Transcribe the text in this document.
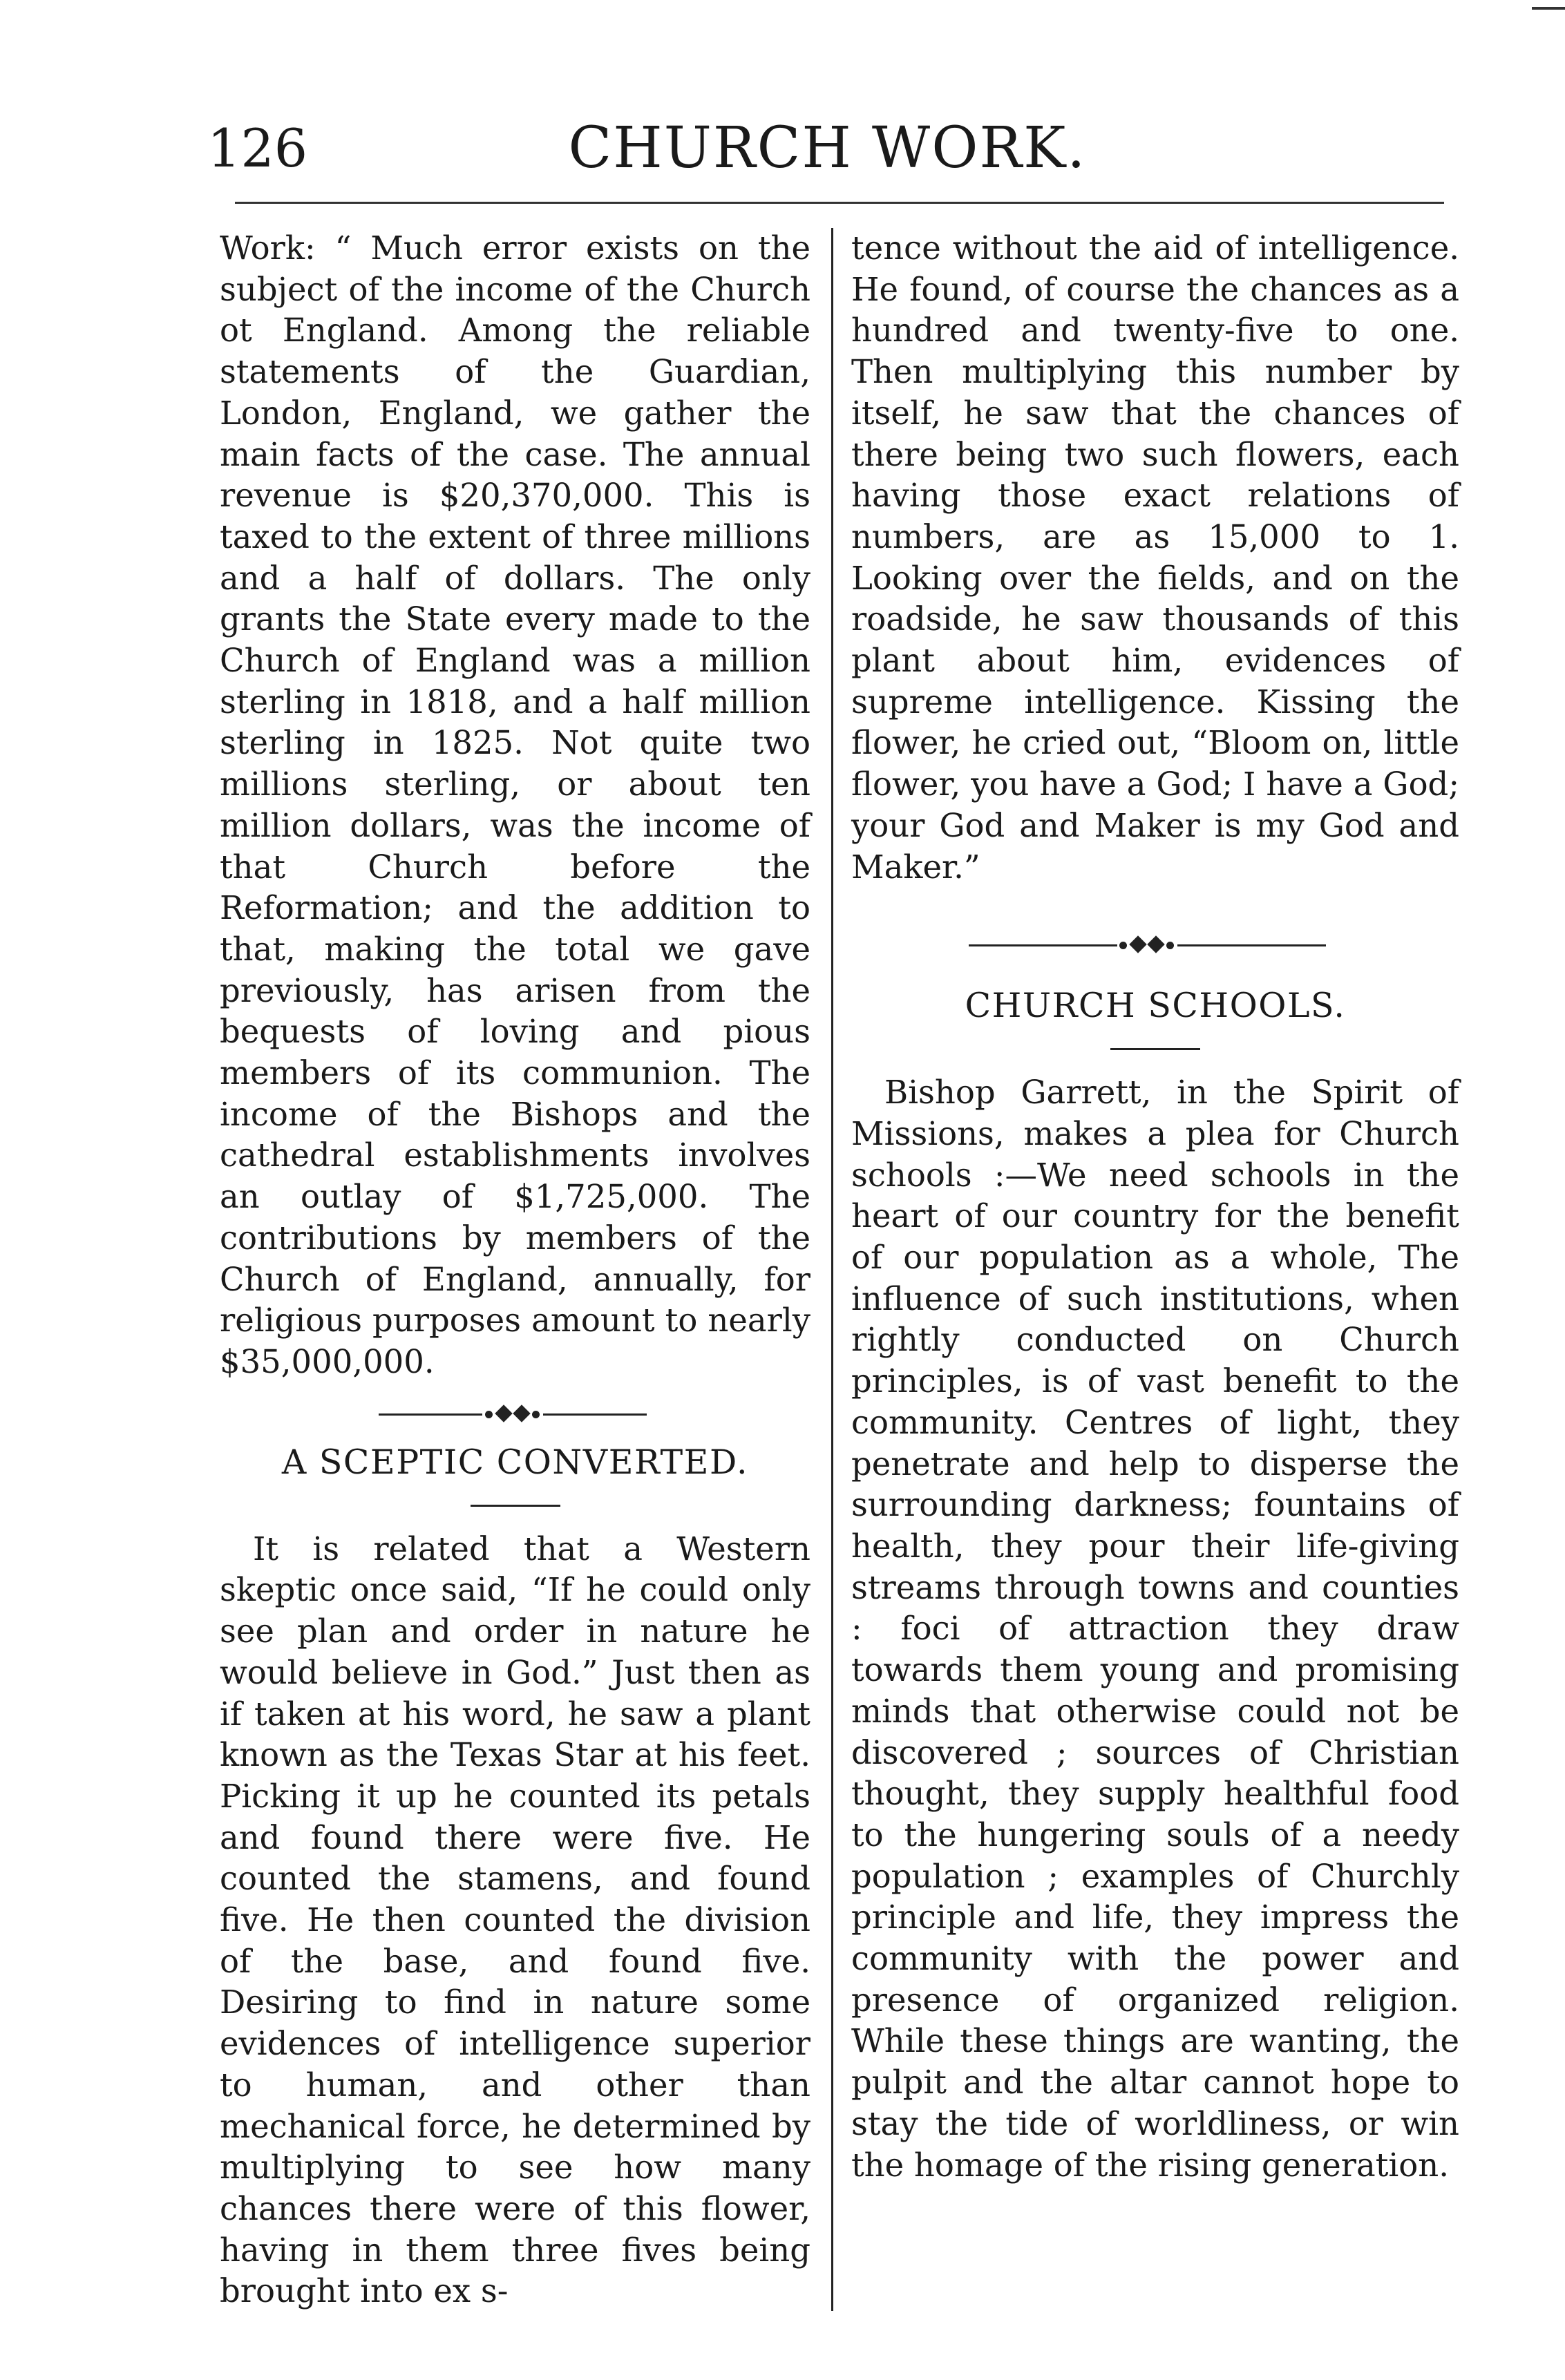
126	CHURCH WORK.

Work: “ Much error exists on the subject of the income of the Church ot England. Among the reliable statements of the Guardian, London, England, we gather the main facts of the case. The annual revenue is $20,370,000. This is taxed to the extent of three millions and a half of dollars. The only grants the State every made to the Church of England was a million sterling in 1818, and a half million sterling in 1825. Not quite two millions sterling, or about ten million dollars, was the income of that Church before the Reformation; and the addition to that, making the total we gave previously, has arisen from the bequests of loving and pious members of its communion. The income of the Bishops and the cathedral establishments involves an outlay of $1,725,000. The contributions by members of the Church of England, annually, for religious purposes amount to nearly $35,000,000.

A SCEPTIC CONVERTED.

It is related that a Western skeptic once said, “If he could only see plan and order in nature he would believe in God.” Just then as if taken at his word, he saw a plant known as the Texas Star at his feet. Picking it up he counted its petals and found there were five. He counted the stamens, and found five. He then counted the division of the base, and found five. Desiring to find in nature some evidences of intelligence superior to human, and other than mechanical force, he determined by multiplying to see how many chances there were of this flower, having in them three fives being brought into ex s-

tence without the aid of intelligence. He found, of course the chances as a hundred and twenty-five to one. Then multiplying this number by itself, he saw that the chances of there being two such flowers, each having those exact relations of numbers, are as 15,000 to 1. Looking over the fields, and on the roadside, he saw thousands of this plant about him, evidences of supreme intelligence. Kissing the flower, he cried out, “Bloom on, little flower, you have a God; I have a God; your God and Maker is my God and Maker.”

CHURCH SCHOOLS.

Bishop Garrett, in the Spirit of Missions, makes a plea for Church schools :—We need schools in the heart of our country for the benefit of our population as a whole, The influence of such institutions, when rightly conducted on Church principles, is of vast benefit to the community. Centres of light, they penetrate and help to disperse the surrounding darkness; fountains of health, they pour their life-giving streams through towns and counties : foci of attraction they draw towards them young and promising minds that otherwise could not be discovered ; sources of Christian thought, they supply healthful food to the hungering souls of a needy population ; examples of Churchly principle and life, they impress the community with the power and presence of organized religion. While these things are wanting, the pulpit and the altar cannot hope to stay the tide of worldliness, or win the homage of the rising generation.
